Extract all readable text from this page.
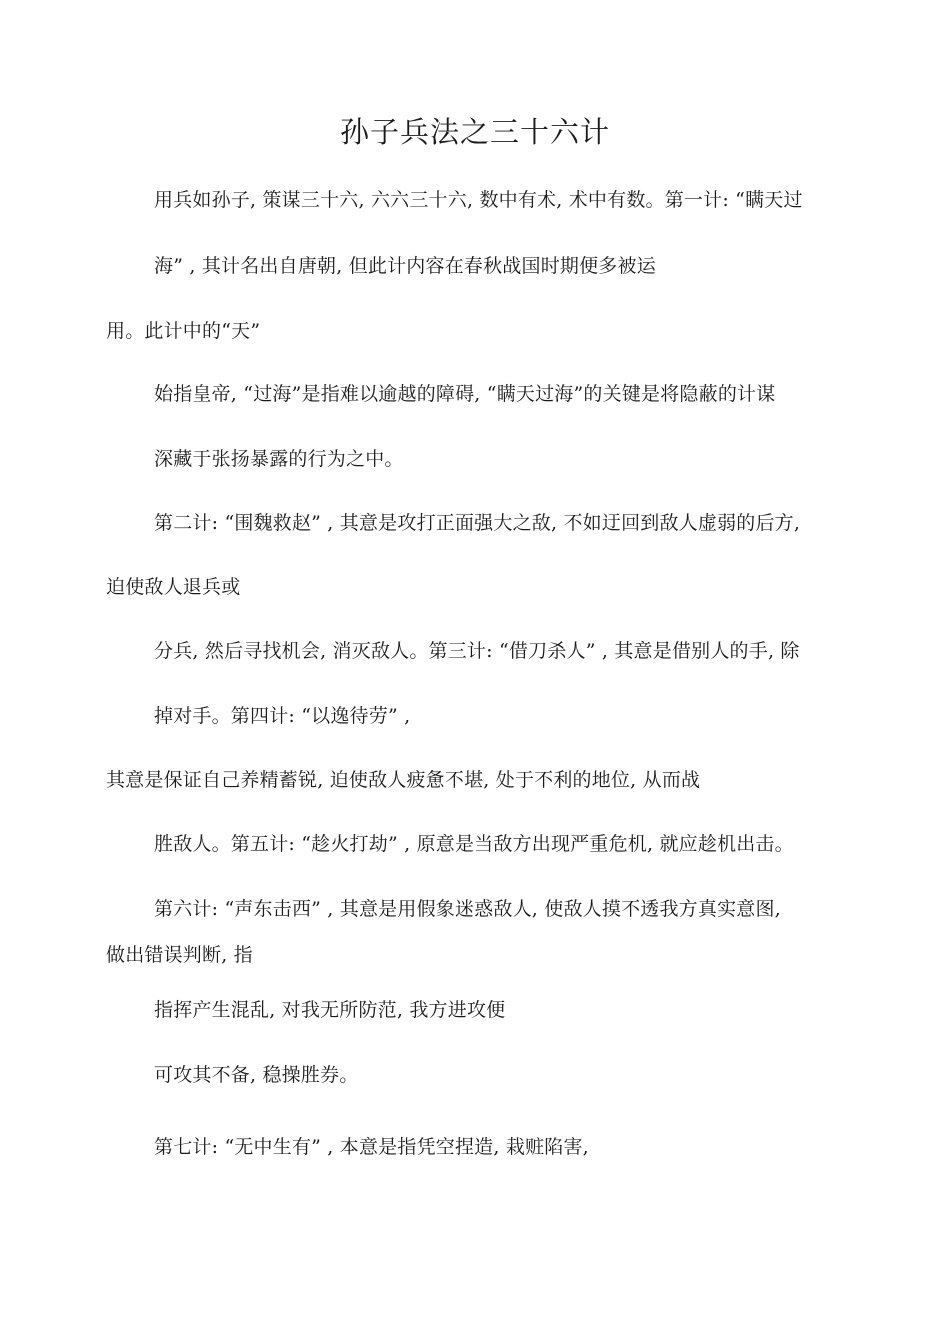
孙子兵法之三十六计
用兵如孙子, 策谋三十六, 六六三十六, 数中有术, 术中有数。第一计: “瞒天过
海” , 其计名出自唐朝, 但此计内容在春秋战国时期便多被运
用。此计中的“天”
始指皇帝, “过海”是指难以逾越的障碍, “瞒天过海”的关键是将隐蔽的计谋
深藏于张扬暴露的行为之中。
第二计: “围魏救赵” , 其意是攻打正面强大之敌, 不如迂回到敌人虚弱的后方,
迫使敌人退兵或
分兵, 然后寻找机会, 消灭敌人。第三计: “借刀杀人” , 其意是借别人的手, 除
掉对手。第四计: “以逸待劳” ,
其意是保证自己养精蓄锐, 迫使敌人疲惫不堪, 处于不利的地位, 从而战
胜敌人。第五计: “趁火打劫” , 原意是当敌方出现严重危机, 就应趁机出击。
第六计: “声东击西” , 其意是用假象迷惑敌人, 使敌人摸不透我方真实意图,
做出错误判断, 指
指挥产生混乱, 对我无所防范, 我方进攻便
可攻其不备, 稳操胜券。
第七计: “无中生有” , 本意是指凭空捏造, 栽赃陷害,
